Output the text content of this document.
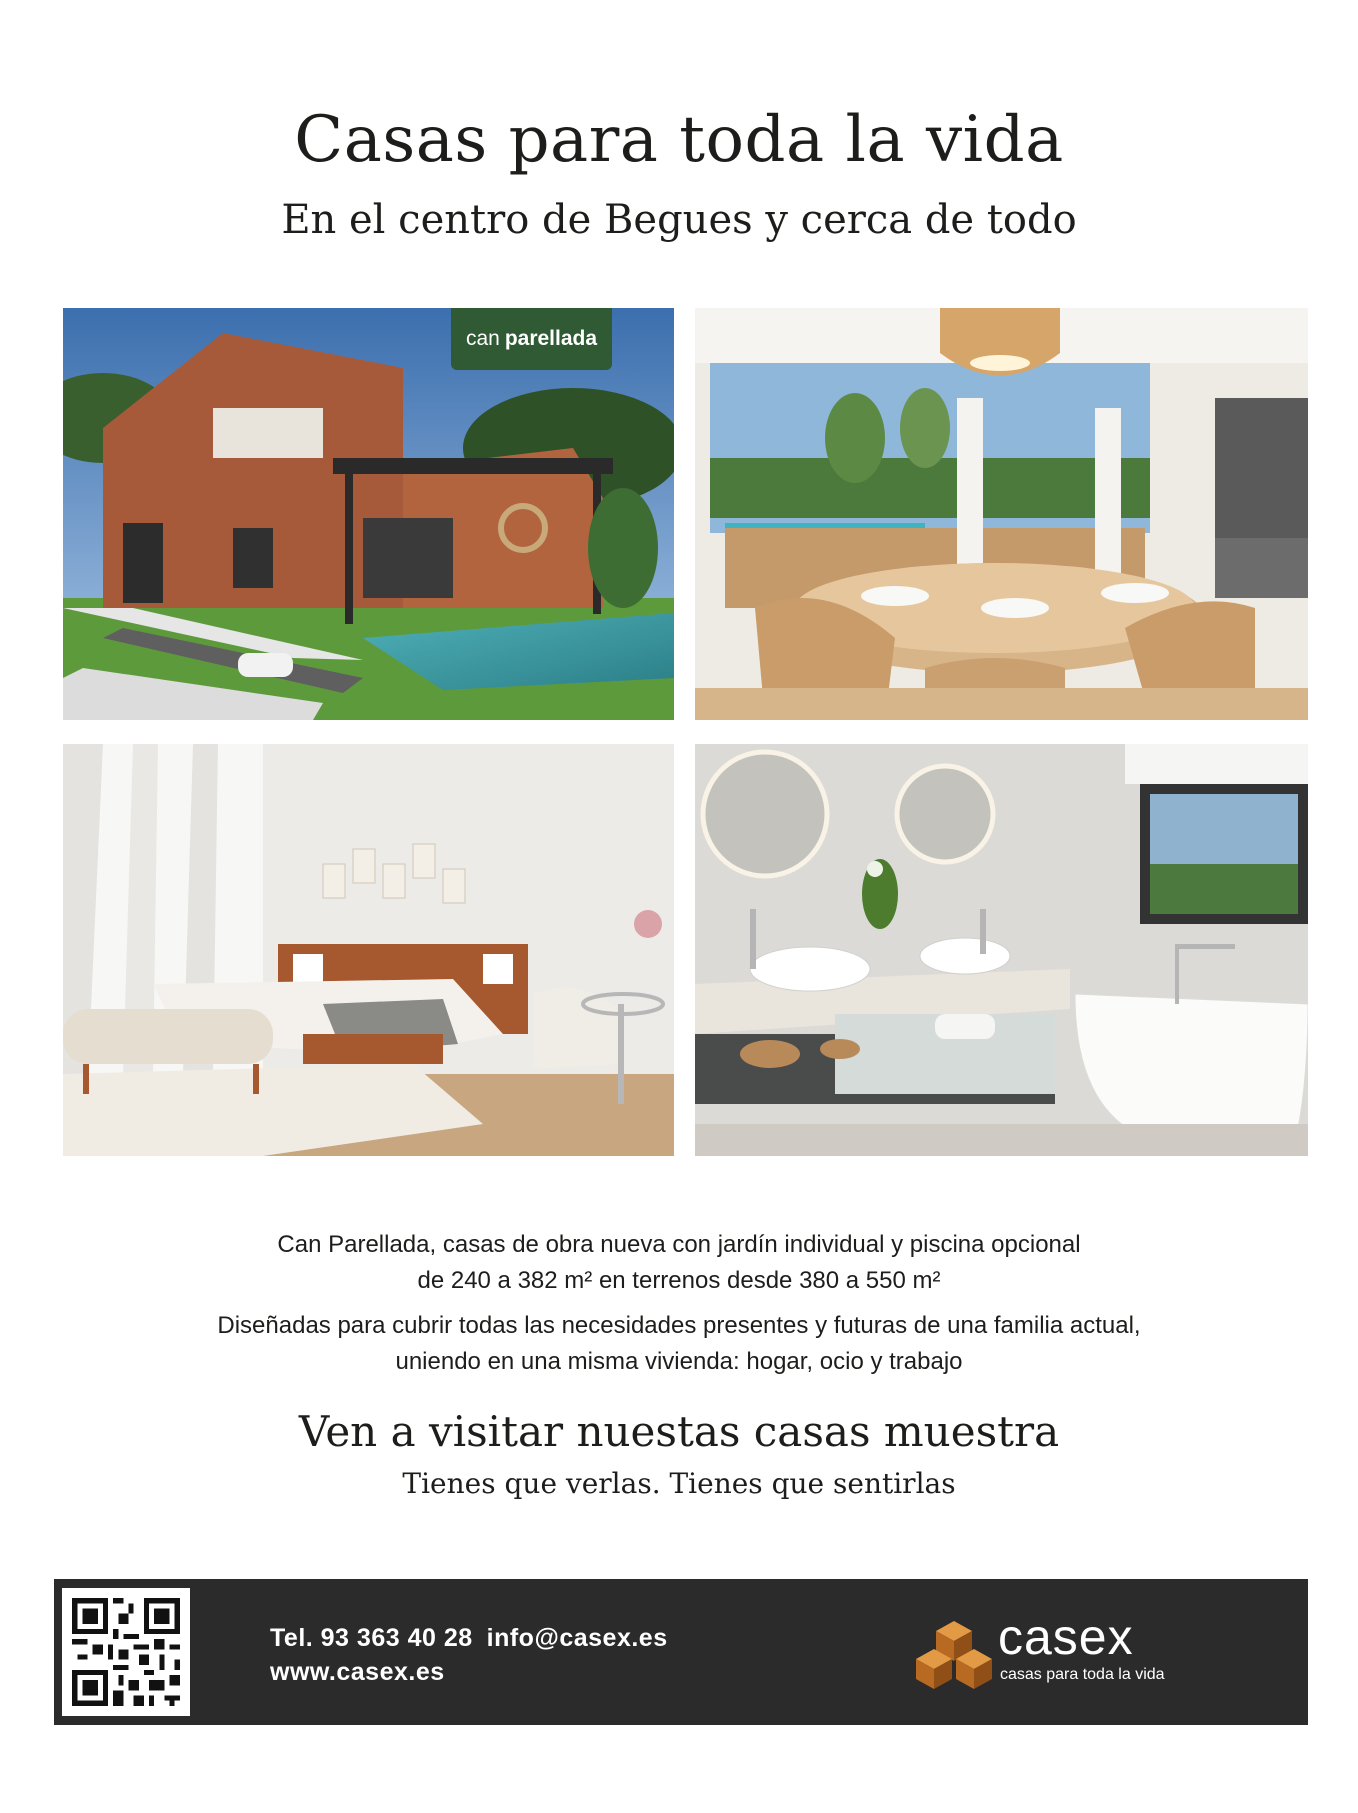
Casas para toda la vida
En el centro de Begues y cerca de todo
can parellada

Can Parellada, casas de obra nueva con jardín individual y piscina opcional
de 240 a 382 m² en terrenos desde 380 a 550 m²

Diseñadas para cubrir todas las necesidades presentes y futuras de una familia actual,
uniendo en una misma vivienda: hogar, ocio y trabajo

Ven a visitar nuestas casas muestra

Tienes que verlas. Tienes que sentirlas

Tel. 93 363 40 28 info@casex.es
www.casex.es
casex
casas para toda la vida
